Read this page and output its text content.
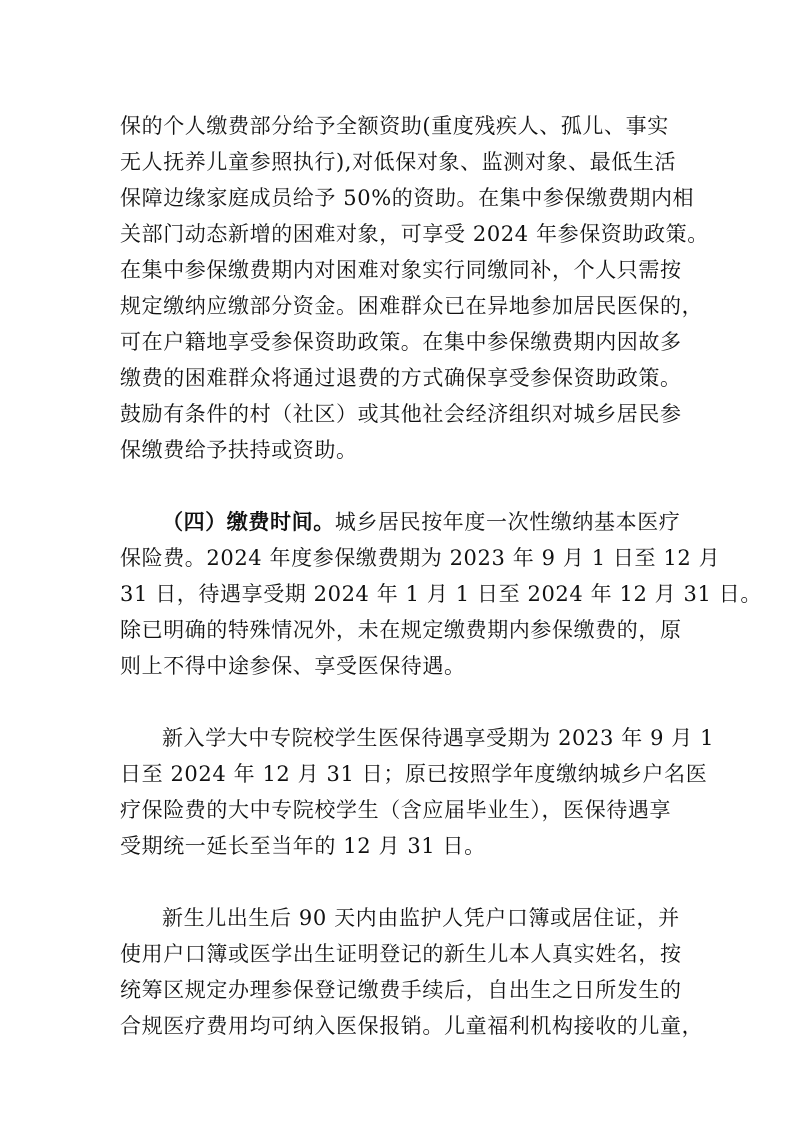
保的个人缴费部分给予全额资助(重度残疾人、孤儿、事实
无人抚养儿童参照执行),对低保对象、监测对象、最低生活
保障边缘家庭成员给予 50%的资助。在集中参保缴费期内相
关部门动态新增的困难对象，可享受 2024 年参保资助政策。
在集中参保缴费期内对困难对象实行同缴同补，个人只需按
规定缴纳应缴部分资金。困难群众已在异地参加居民医保的，
可在户籍地享受参保资助政策。在集中参保缴费期内因故多
缴费的困难群众将通过退费的方式确保享受参保资助政策。
鼓励有条件的村（社区）或其他社会经济组织对城乡居民参
保缴费给予扶持或资助。
（四）缴费时间。城乡居民按年度一次性缴纳基本医疗
保险费。2024 年度参保缴费期为 2023 年 9 月 1 日至 12 月
31 日，待遇享受期 2024 年 1 月 1 日至 2024 年 12 月 31 日。
除已明确的特殊情况外，未在规定缴费期内参保缴费的，原
则上不得中途参保、享受医保待遇。
新入学大中专院校学生医保待遇享受期为 2023 年 9 月 1
日至 2024 年 12 月 31 日；原已按照学年度缴纳城乡户名医
疗保险费的大中专院校学生（含应届毕业生），医保待遇享
受期统一延长至当年的 12 月 31 日。
新生儿出生后 90 天内由监护人凭户口簿或居住证，并
使用户口簿或医学出生证明登记的新生儿本人真实姓名，按
统筹区规定办理参保登记缴费手续后，自出生之日所发生的
合规医疗费用均可纳入医保报销。儿童福利机构接收的儿童，
